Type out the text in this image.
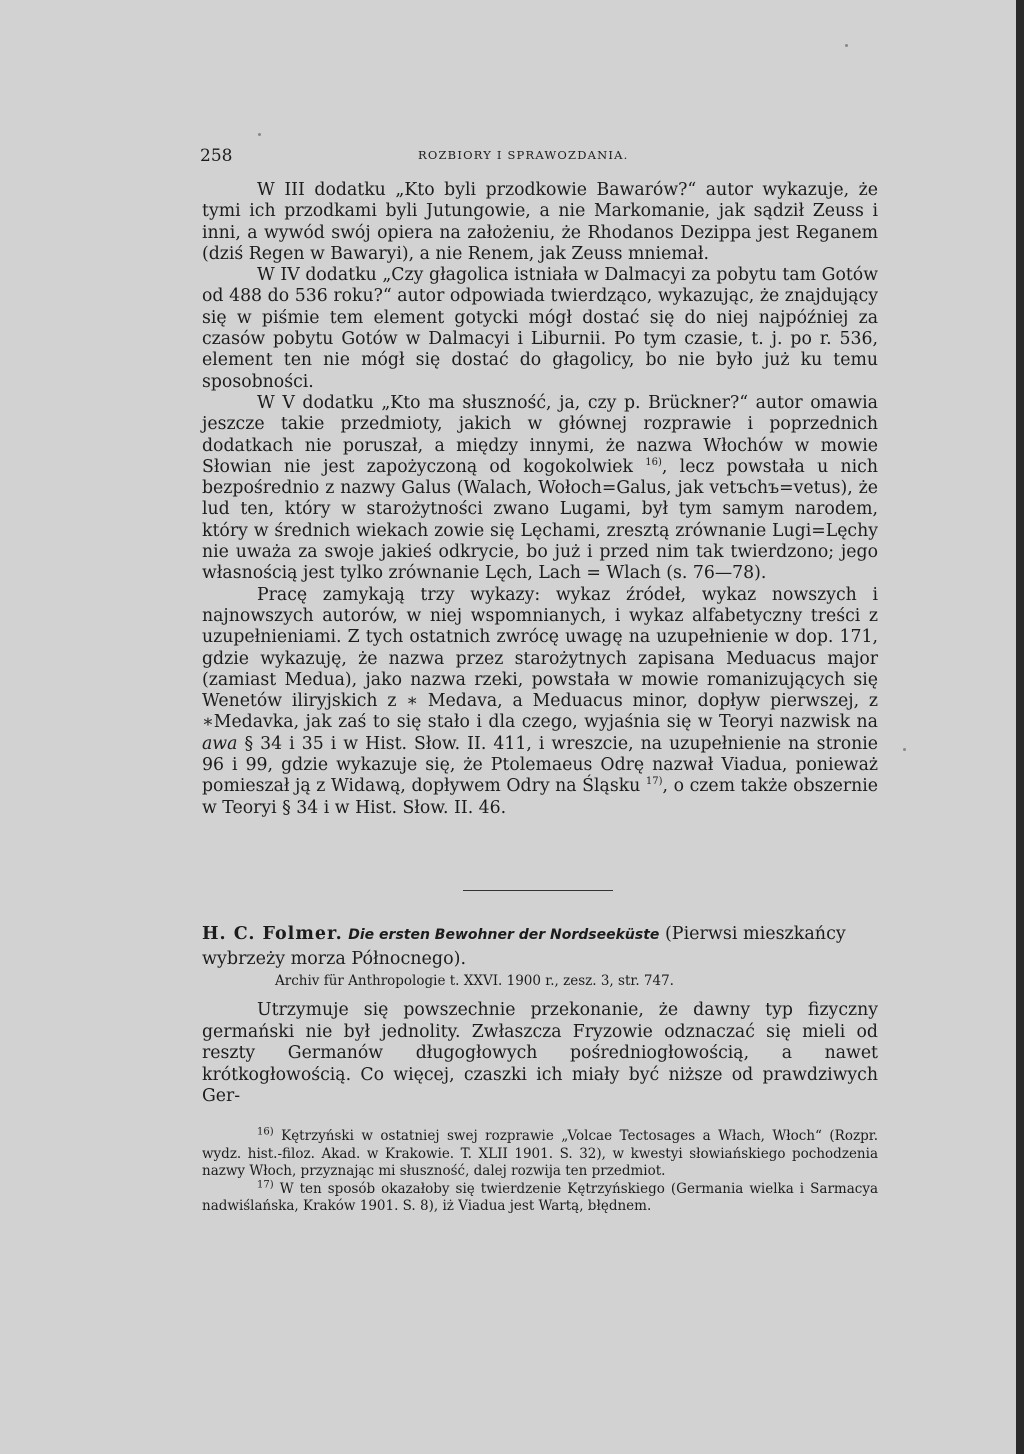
258	ROZBIORY I SPRAWOZDANIA.

W III dodatku „Kto byli przodkowie Bawarów?“ autor wykazuje, że tymi ich przodkami byli Jutungowie, a nie Markomanie, jak sądził Zeuss i inni, a wywód swój opiera na założeniu, że Rhodanos Dezippa jest Reganem (dziś Regen w Bawaryi), a nie Renem, jak Zeuss mniemał.

W IV dodatku „Czy głagolica istniała w Dalmacyi za pobytu tam Gotów od 488 do 536 roku?“ autor odpowiada twierdząco, wykazując, że znajdujący się w piśmie tem element gotycki mógł dostać się do niej najpóźniej za czasów pobytu Gotów w Dalmacyi i Liburnii. Po tym czasie, t. j. po r. 536, element ten nie mógł się dostać do głagolicy, bo nie było już ku temu sposobności.

W V dodatku „Kto ma słuszność, ja, czy p. Brückner?“ autor omawia jeszcze takie przedmioty, jakich w głównej rozprawie i poprzednich dodatkach nie poruszał, a między innymi, że nazwa Włochów w mowie Słowian nie jest zapożyczoną od kogokolwiek $^{16)}$, lecz powstała u nich bezpośrednio z nazwy Galus (Walach, Wołoch=Galus, jak vetъchъ=vetus), że lud ten, który w starożytności zwano Lugami, był tym samym narodem, który w średnich wiekach zowie się Lęchami, zresztą zrównanie Lugi=Lęchy nie uważa za swoje jakieś odkrycie, bo już i przed nim tak twierdzono; jego własnością jest tylko zrównanie Lęch, Lach = Wlach (s. 76—78).

Pracę zamykają trzy wykazy: wykaz źródeł, wykaz nowszych i najnowszych autorów, w niej wspomnianych, i wykaz alfabetyczny treści z uzupełnieniami. Z tych ostatnich zwrócę uwagę na uzupełnienie w dop. 171, gdzie wykazuję, że nazwa przez starożytnych zapisana Meduacus major (zamiast Medua), jako nazwa rzeki, powstała w mowie romanizujących się Wenetów iliryjskich z ∗ Medava, a Meduacus minor, dopływ pierwszej, z ∗Medavka, jak zaś to się stało i dla czego, wyjaśnia się w Teoryi nazwisk na awa § 34 i 35 i w Hist. Słow. II. 411, i wreszcie, na uzupełnienie na stronie 96 i 99, gdzie wykazuje się, że Ptolemaeus Odrę nazwał Viadua, ponieważ pomieszał ją z Widawą, dopływem Odry na Śląsku $^{17)}$, o czem także obszernie w Teoryi § 34 i w Hist. Słow. II. 46.

H. C. Folmer. Die ersten Bewohner der Nordseeküste (Pierwsi mieszkańcy wybrzeży morza Północnego).
Archiv für Anthropologie t. XXVI. 1900 r., zesz. 3, str. 747.

Utrzymuje się powszechnie przekonanie, że dawny typ fizyczny germański nie był jednolity. Zwłaszcza Fryzowie odznaczać się mieli od reszty Germanów długogłowych pośredniogłowością, a nawet krótkogłowością. Co więcej, czaszki ich miały być niższe od prawdziwych Ger-

$^{16)}$ Kętrzyński w ostatniej swej rozprawie „Volcae Tectosages a Włach, Włoch“ (Rozpr. wydz. hist.-filoz. Akad. w Krakowie. T. XLII 1901. S. 32), w kwestyi słowiańskiego pochodzenia nazwy Włoch, przyznając mi słuszność, dalej rozwija ten przedmiot.

$^{17)}$ W ten sposób okazałoby się twierdzenie Kętrzyńskiego (Germania wielka i Sarmacya nadwiślańska, Kraków 1901. S. 8), iż Viadua jest Wartą, błędnem.
